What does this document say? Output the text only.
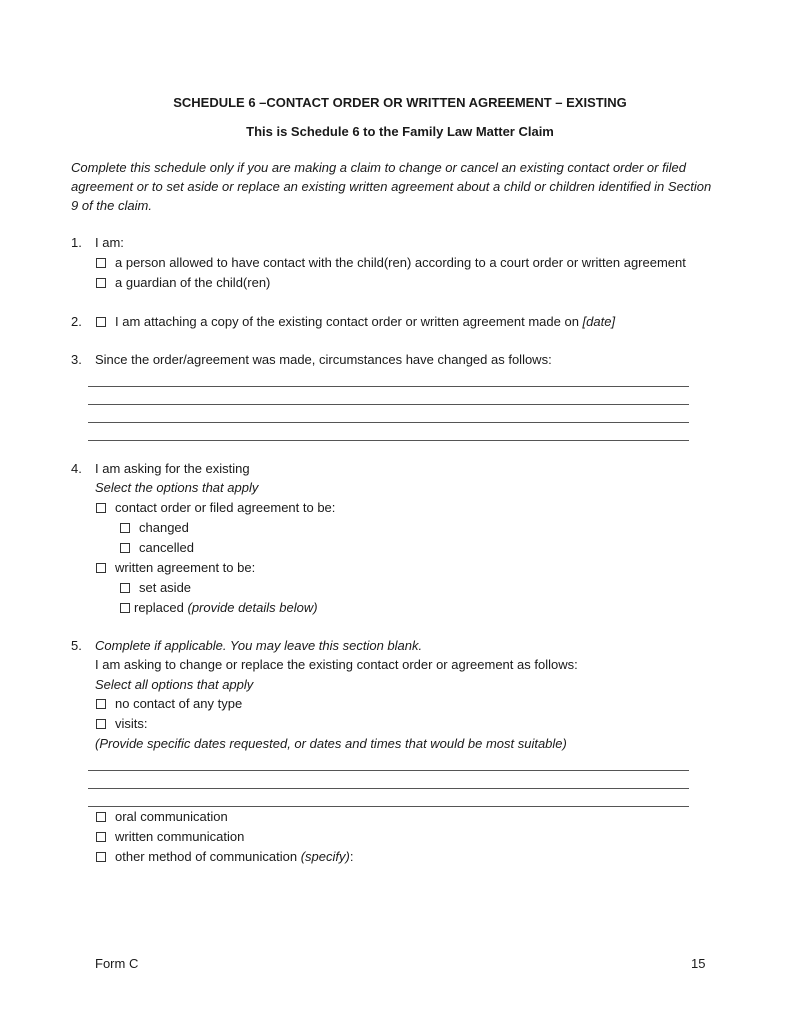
SCHEDULE 6 –CONTACT ORDER OR WRITTEN AGREEMENT – EXISTING
This is Schedule 6 to the Family Law Matter Claim
Complete this schedule only if you are making a claim to change or cancel an existing contact order or filed
agreement or to set aside or replace an existing written agreement about a child or children identified in Section
9 of the claim.
1. I am:
a person allowed to have contact with the child(ren) according to a court order or written agreement
a guardian of the child(ren)
2.	I am attaching a copy of the existing contact order or written agreement made on [date]
3. Since the order/agreement was made, circumstances have changed as follows:
4. I am asking for the existing
Select the options that apply
contact order or filed agreement to be:
changed
cancelled
written agreement to be:
set aside
replaced (provide details below)
5. Complete if applicable. You may leave this section blank.
I am asking to change or replace the existing contact order or agreement as follows:
Select all options that apply
no contact of any type
visits:
(Provide specific dates requested, or dates and times that would be most suitable)
oral communication
written communication
other method of communication (specify):
Form C	15
